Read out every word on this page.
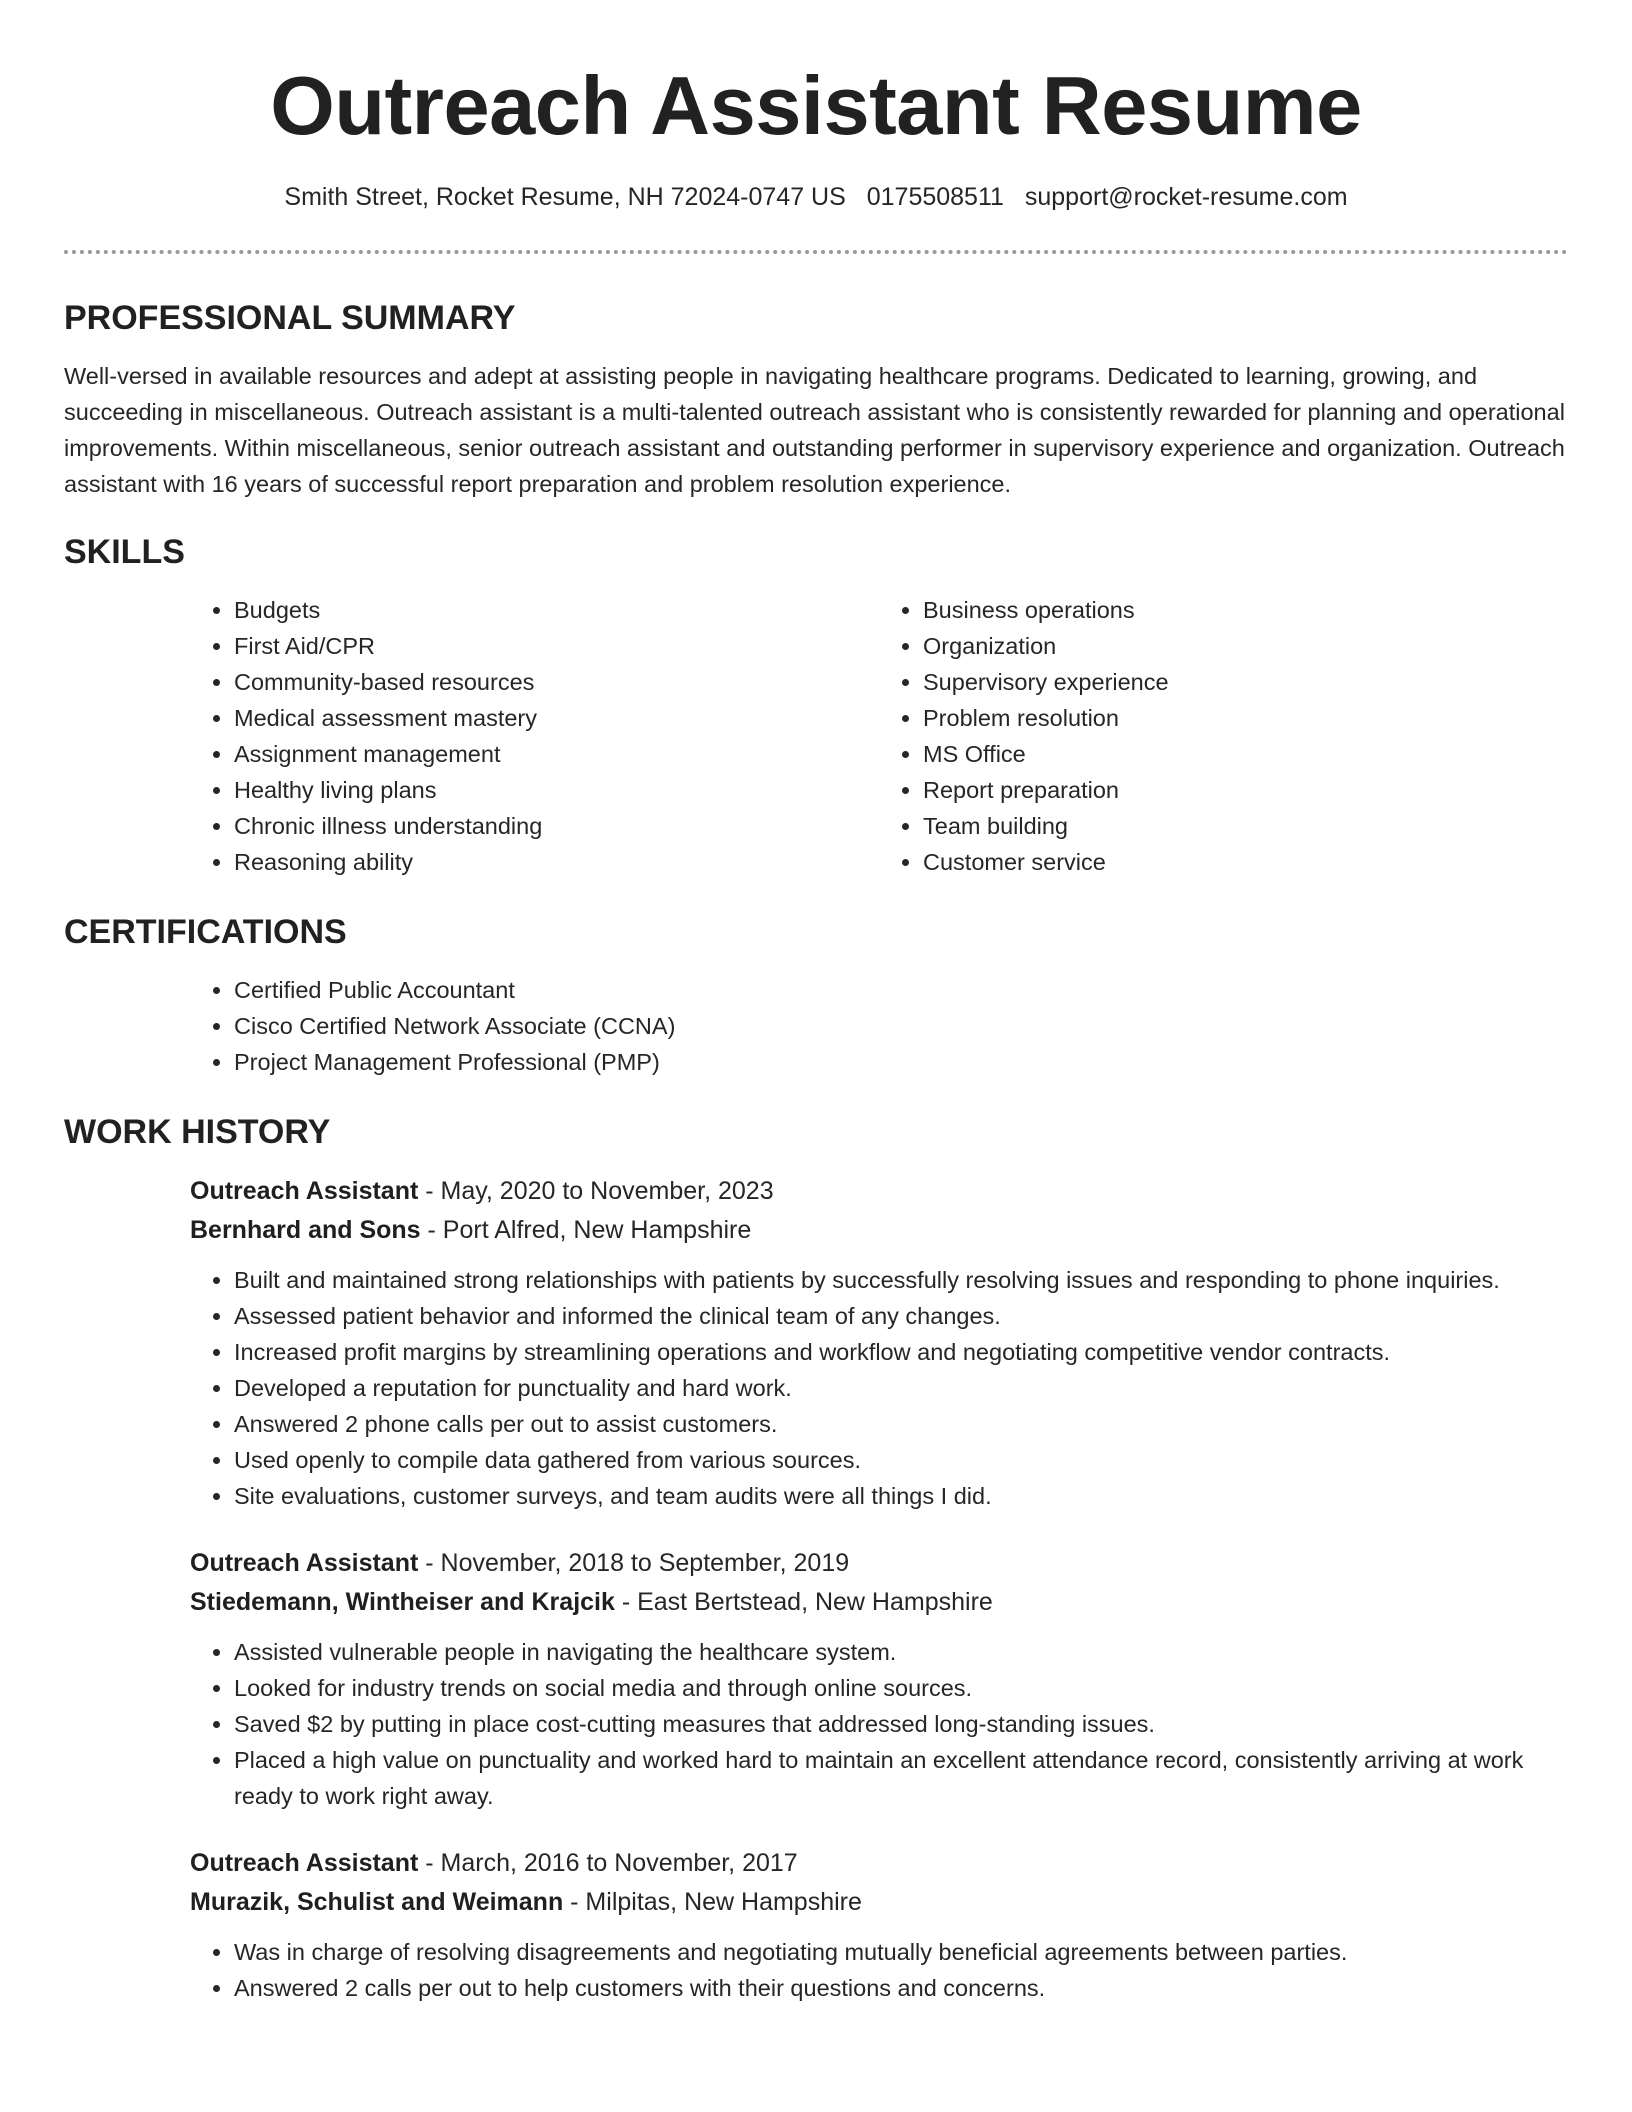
Outreach Assistant Resume
Smith Street, Rocket Resume, NH 72024-0747 US 0175508511 support@rocket-resume.com
PROFESSIONAL SUMMARY

Well-versed in available resources and adept at assisting people in navigating healthcare programs. Dedicated to learning, growing, and succeeding in miscellaneous. Outreach assistant is a multi-talented outreach assistant who is consistently rewarded for planning and operational improvements. Within miscellaneous, senior outreach assistant and outstanding performer in supervisory experience and organization. Outreach assistant with 16 years of successful report preparation and problem resolution experience.

SKILLS
• Budgets
• First Aid/CPR
• Community-based resources
• Medical assessment mastery
• Assignment management
• Healthy living plans
• Chronic illness understanding
• Reasoning ability
• Business operations
• Organization
• Supervisory experience
• Problem resolution
• MS Office
• Report preparation
• Team building
• Customer service
CERTIFICATIONS
• Certified Public Accountant
• Cisco Certified Network Associate (CCNA)
• Project Management Professional (PMP)
WORK HISTORY
Outreach Assistant - May, 2020 to November, 2023
Bernhard and Sons - Port Alfred, New Hampshire
• Built and maintained strong relationships with patients by successfully resolving issues and responding to phone inquiries.
• Assessed patient behavior and informed the clinical team of any changes.
• Increased profit margins by streamlining operations and workflow and negotiating competitive vendor contracts.
• Developed a reputation for punctuality and hard work.
• Answered 2 phone calls per out to assist customers.
• Used openly to compile data gathered from various sources.
• Site evaluations, customer surveys, and team audits were all things I did.
Outreach Assistant - November, 2018 to September, 2019
Stiedemann, Wintheiser and Krajcik - East Bertstead, New Hampshire
• Assisted vulnerable people in navigating the healthcare system.
• Looked for industry trends on social media and through online sources.
• Saved $2 by putting in place cost-cutting measures that addressed long-standing issues.
• Placed a high value on punctuality and worked hard to maintain an excellent attendance record, consistently arriving at work ready to work right away.
Outreach Assistant - March, 2016 to November, 2017
Murazik, Schulist and Weimann - Milpitas, New Hampshire
• Was in charge of resolving disagreements and negotiating mutually beneficial agreements between parties.
• Answered 2 calls per out to help customers with their questions and concerns.
